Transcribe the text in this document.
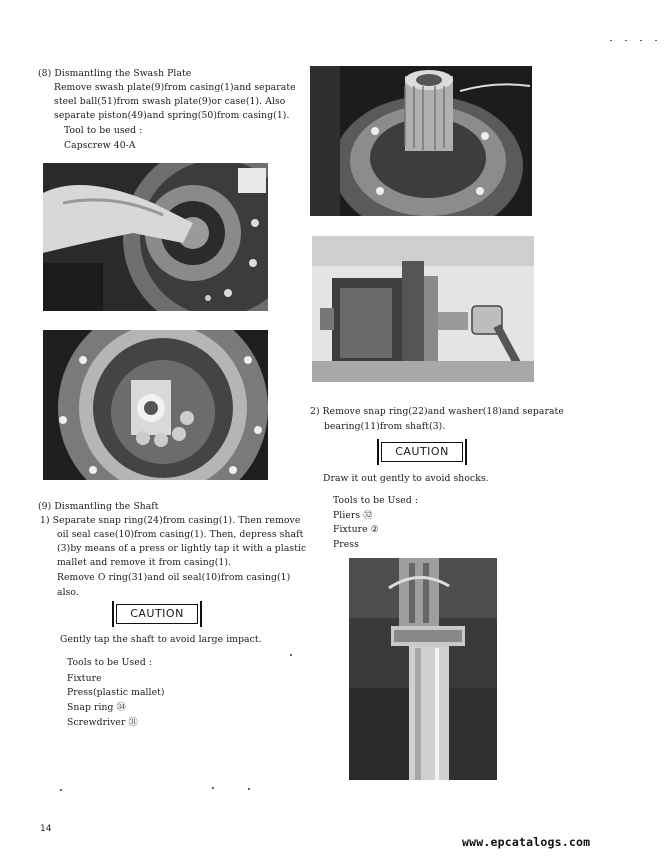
(8) Dismantling the Swash Plate
Remove swash plate(9)from casing(1)and separate
steel ball(51)from swash plate(9)or case(1). Also
separate piston(49)and spring(50)from casing(1).
Tool to be used :
Capscrew 40-A
(9) Dismantling the Shaft
1) Separate snap ring(24)from casing(1). Then remove
oil seal case(10)from casing(1). Then, depress shaft
(3)by means of a press or lightly tap it with a plastic
mallet and remove it from casing(1).
Remove O ring(31)and oil seal(10)from casing(1)
also.
CAUTION
Gently tap the shaft to avoid large impact.
Tools to be Used :
Fixture
Press(plastic mallet)
Snap ring ㉞
Screwdriver ㉛
2) Remove snap ring(22)and washer(18)and separate
bearing(11)from shaft(3).
CAUTION
Draw it out gently to avoid shocks.
Tools to be Used :
Pliers ㉜
Fixture ②
Press
14
www.epcatalogs.com
